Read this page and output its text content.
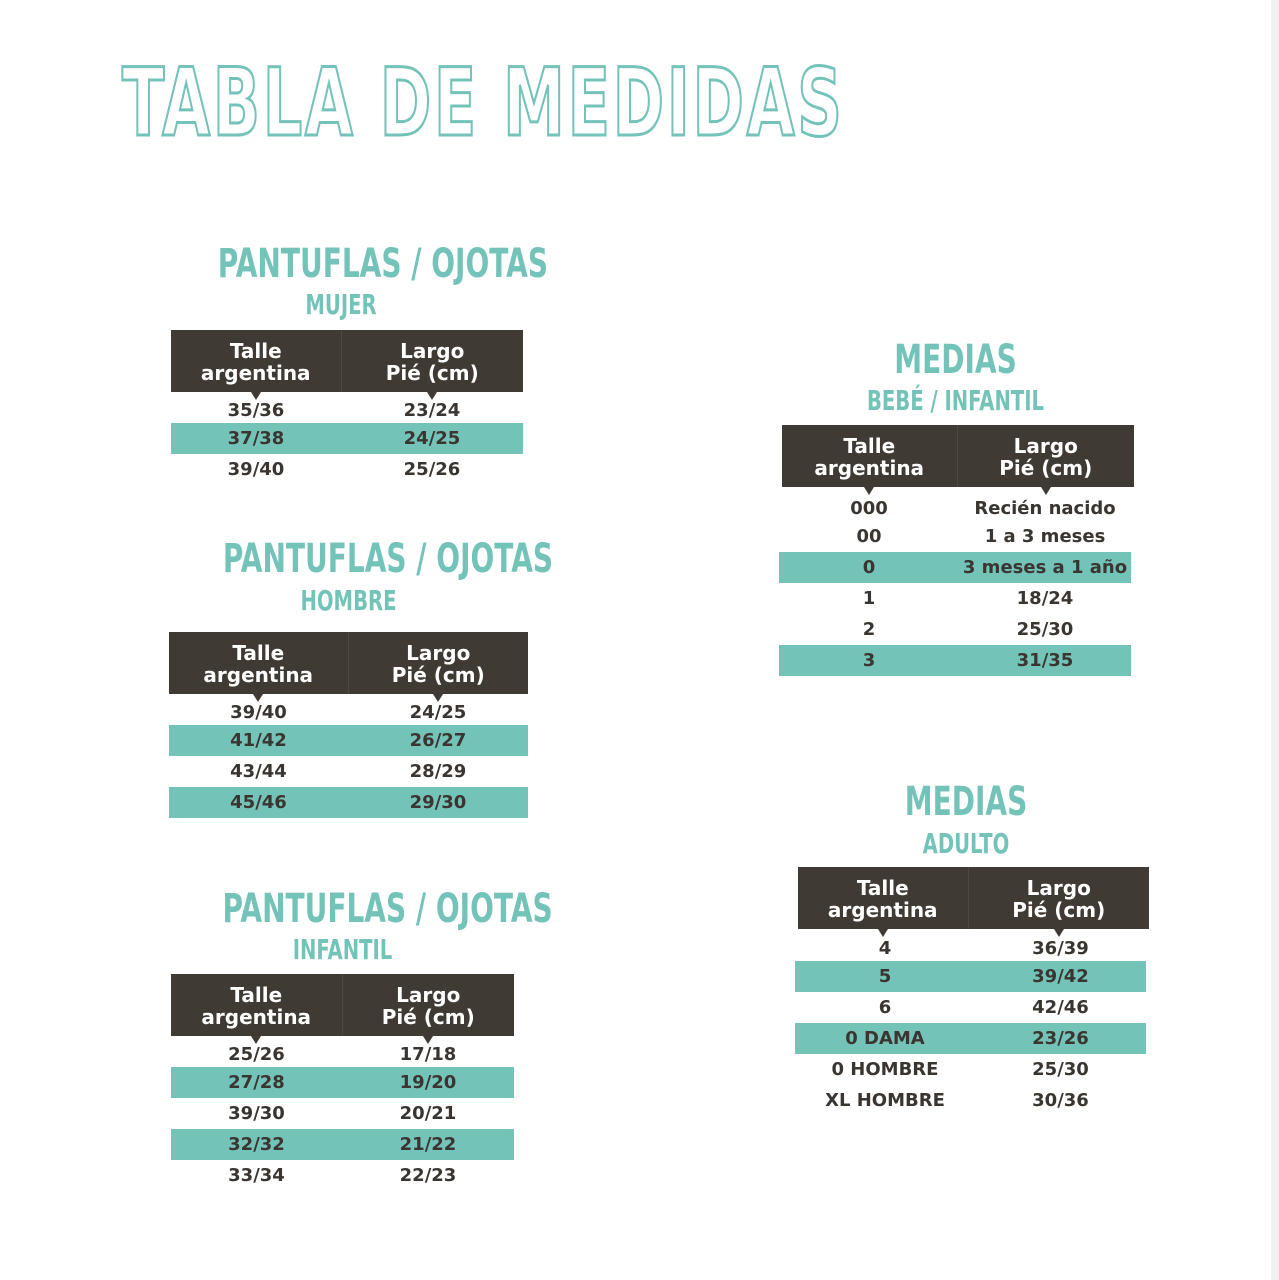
TABLA DE MEDIDAS
PANTUFLAS / OJOTAS
MUJER
Talle
argentina	Largo
Pié (cm)
35/36	23/24
37/38	24/25
39/40	25/26
PANTUFLAS / OJOTAS
HOMBRE
Talle
argentina	Largo
Pié (cm)
39/40	24/25
41/42	26/27
43/44	28/29
45/46	29/30
PANTUFLAS / OJOTAS
INFANTIL
Talle
argentina	Largo
Pié (cm)
25/26	17/18
27/28	19/20
39/30	20/21
32/32	21/22
33/34	22/23
MEDIAS
BEBÉ / INFANTIL
Talle
argentina	Largo
Pié (cm)
000	Recién nacido
00	1 a 3 meses
0	3 meses a 1 año
1	18/24
2	25/30
3	31/35
MEDIAS
ADULTO
Talle
argentina	Largo
Pié (cm)
4	36/39
5	39/42
6	42/46
0 DAMA	23/26
0 HOMBRE	25/30
XL HOMBRE	30/36
